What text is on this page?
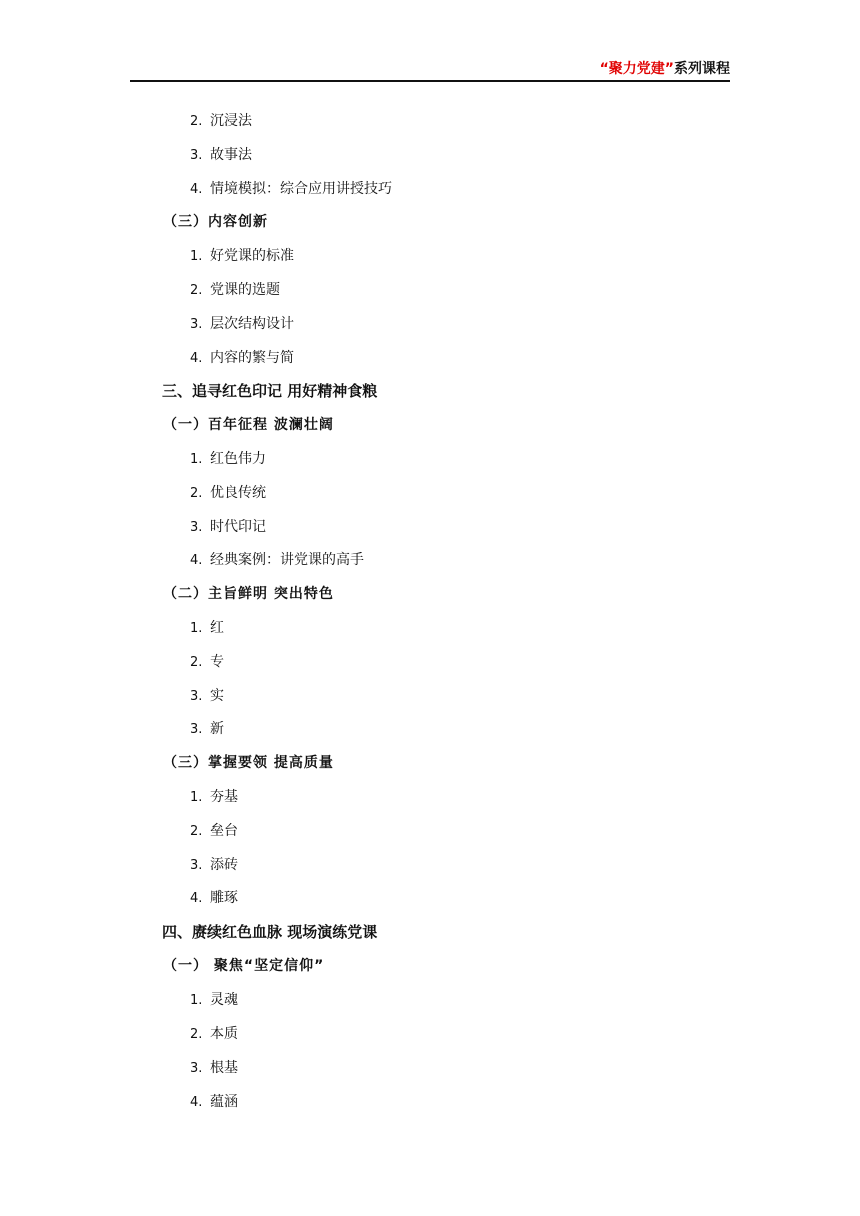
“聚力党建”系列课程
2. 沉浸法
3. 故事法
4. 情境模拟：综合应用讲授技巧
（三）内容创新
1. 好党课的标准
2. 党课的选题
3. 层次结构设计
4. 内容的繁与简
三、追寻红色印记 用好精神食粮
（一）百年征程 波澜壮阔
1. 红色伟力
2. 优良传统
3. 时代印记
4. 经典案例：讲党课的高手
（二）主旨鲜明 突出特色
1. 红
2. 专
3. 实
3. 新
（三）掌握要领 提高质量
1. 夯基
2. 垒台
3. 添砖
4. 雕琢
四、赓续红色血脉 现场演练党课
（一） 聚焦“坚定信仰”
1. 灵魂
2. 本质
3. 根基
4. 蕴涵
